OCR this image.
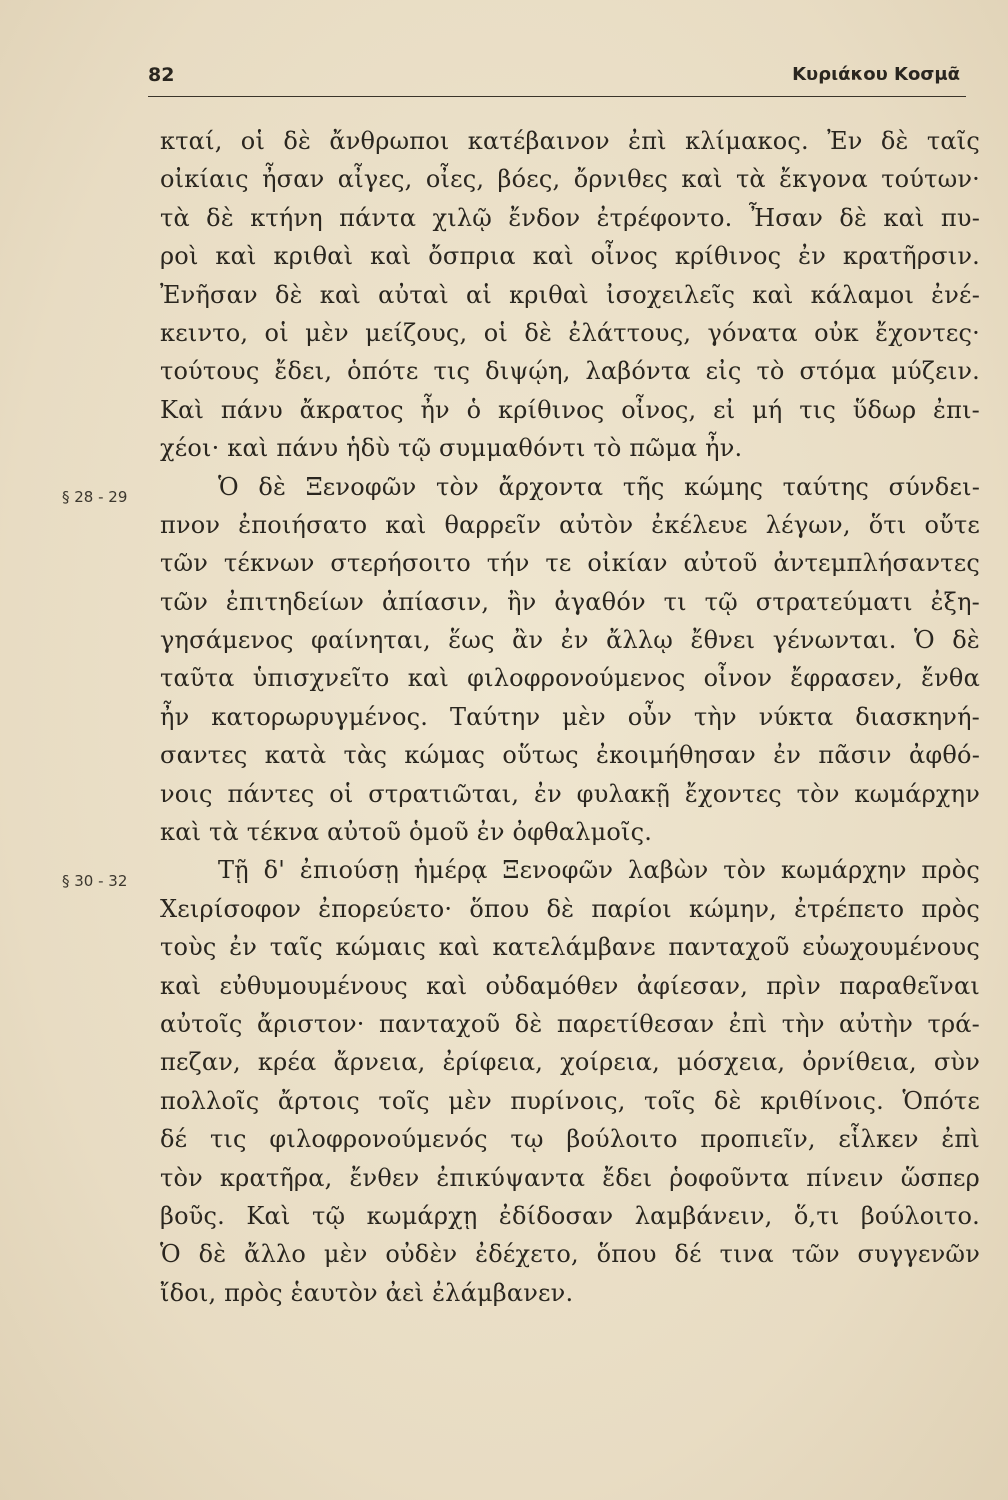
82	Κυριάκου Κοσμᾶ
§ 28 - 29
§ 30 - 32
κταί, οἱ δὲ ἄνθρωποι κατέβαινον ἐπὶ κλίμακος. Ἐν δὲ ταῖς
οἰκίαις ἦσαν αἶγες, οἶες, βόες, ὄρνιθες καὶ τὰ ἔκγονα τούτων·
τὰ δὲ κτήνη πάντα χιλῷ ἔνδον ἐτρέφοντο. Ἦσαν δὲ καὶ πυ-
ροὶ καὶ κριθαὶ καὶ ὄσπρια καὶ οἶνος κρίθινος ἐν κρατῆρσιν.
Ἐνῆσαν δὲ καὶ αὐταὶ αἱ κριθαὶ ἰσοχειλεῖς καὶ κάλαμοι ἐνέ-
κειντο, οἱ μὲν μείζους, οἱ δὲ ἐλάττους, γόνατα οὐκ ἔχοντες·
τούτους ἔδει, ὁπότε τις διψῴη, λαβόντα εἰς τὸ στόμα μύζειν.
Καὶ πάνυ ἄκρατος ἦν ὁ κρίθινος οἶνος, εἰ μή τις ὕδωρ ἐπι-
χέοι· καὶ πάνυ ἡδὺ τῷ συμμαθόντι τὸ πῶμα ἦν.
Ὁ δὲ Ξενοφῶν τὸν ἄρχοντα τῆς κώμης ταύτης σύνδει-
πνον ἐποιήσατο καὶ θαρρεῖν αὐτὸν ἐκέλευε λέγων, ὅτι οὔτε
τῶν τέκνων στερήσοιτο τήν τε οἰκίαν αὐτοῦ ἀντεμπλήσαντες
τῶν ἐπιτηδείων ἀπίασιν, ἢν ἀγαθόν τι τῷ στρατεύματι ἐξη-
γησάμενος φαίνηται, ἕως ἂν ἐν ἄλλῳ ἔθνει γένωνται. Ὁ δὲ
ταῦτα ὑπισχνεῖτο καὶ φιλοφρονούμενος οἶνον ἔφρασεν, ἔνθα
ἦν κατορωρυγμένος. Ταύτην μὲν οὖν τὴν νύκτα διασκηνή-
σαντες κατὰ τὰς κώμας οὕτως ἐκοιμήθησαν ἐν πᾶσιν ἀφθό-
νοις πάντες οἱ στρατιῶται, ἐν φυλακῇ ἔχοντες τὸν κωμάρχην
καὶ τὰ τέκνα αὐτοῦ ὁμοῦ ἐν ὀφθαλμοῖς.
Τῇ δ' ἐπιούσῃ ἡμέρᾳ Ξενοφῶν λαβὼν τὸν κωμάρχην πρὸς
Χειρίσοφον ἐπορεύετο· ὅπου δὲ παρίοι κώμην, ἐτρέπετο πρὸς
τοὺς ἐν ταῖς κώμαις καὶ κατελάμβανε πανταχοῦ εὐωχουμένους
καὶ εὐθυμουμένους καὶ οὐδαμόθεν ἀφίεσαν, πρὶν παραθεῖναι
αὐτοῖς ἄριστον· πανταχοῦ δὲ παρετίθεσαν ἐπὶ τὴν αὐτὴν τρά-
πεζαν, κρέα ἄρνεια, ἐρίφεια, χοίρεια, μόσχεια, ὀρνίθεια, σὺν
πολλοῖς ἄρτοις τοῖς μὲν πυρίνοις, τοῖς δὲ κριθίνοις. Ὁπότε
δέ τις φιλοφρονούμενός τῳ βούλοιτο προπιεῖν, εἷλκεν ἐπὶ
τὸν κρατῆρα, ἔνθεν ἐπικύψαντα ἔδει ῥοφοῦντα πίνειν ὥσπερ
βοῦς. Καὶ τῷ κωμάρχῃ ἐδίδοσαν λαμβάνειν, ὅ,τι βούλοιτο.
Ὁ δὲ ἄλλο μὲν οὐδὲν ἐδέχετο, ὅπου δέ τινα τῶν συγγενῶν
ἴδοι, πρὸς ἑαυτὸν ἀεὶ ἐλάμβανεν.
